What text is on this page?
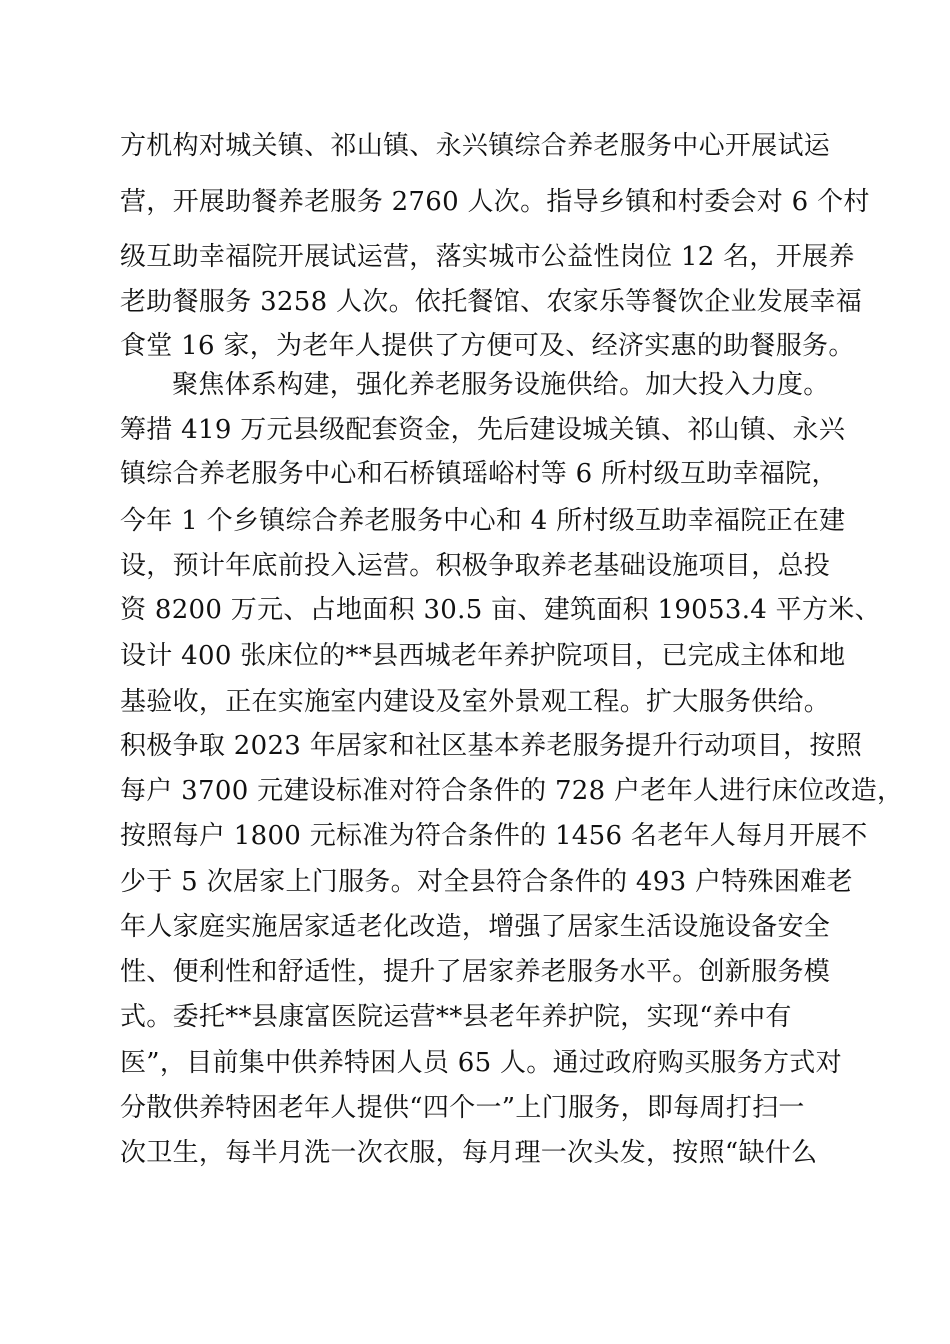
方机构对城关镇、祁山镇、永兴镇综合养老服务中心开展试运
营，开展助餐养老服务 2760 人次。指导乡镇和村委会对 6 个村
级互助幸福院开展试运营，落实城市公益性岗位 12 名，开展养
老助餐服务 3258 人次。依托餐馆、农家乐等餐饮企业发展幸福
食堂 16 家，为老年人提供了方便可及、经济实惠的助餐服务。
聚焦体系构建，强化养老服务设施供给。加大投入力度。
筹措 419 万元县级配套资金，先后建设城关镇、祁山镇、永兴
镇综合养老服务中心和石桥镇瑶峪村等 6 所村级互助幸福院，
今年 1 个乡镇综合养老服务中心和 4 所村级互助幸福院正在建
设，预计年底前投入运营。积极争取养老基础设施项目，总投
资 8200 万元、占地面积 30.5 亩、建筑面积 19053.4 平方米、
设计 400 张床位的**县西城老年养护院项目，已完成主体和地
基验收，正在实施室内建设及室外景观工程。扩大服务供给。
积极争取 2023 年居家和社区基本养老服务提升行动项目，按照
每户 3700 元建设标准对符合条件的 728 户老年人进行床位改造，
按照每户 1800 元标准为符合条件的 1456 名老年人每月开展不
少于 5 次居家上门服务。对全县符合条件的 493 户特殊困难老
年人家庭实施居家适老化改造，增强了居家生活设施设备安全
性、便利性和舒适性，提升了居家养老服务水平。创新服务模
式。委托**县康富医院运营**县老年养护院，实现“养中有
医”，目前集中供养特困人员 65 人。通过政府购买服务方式对
分散供养特困老年人提供“四个一”上门服务，即每周打扫一
次卫生，每半月洗一次衣服，每月理一次头发，按照“缺什么
